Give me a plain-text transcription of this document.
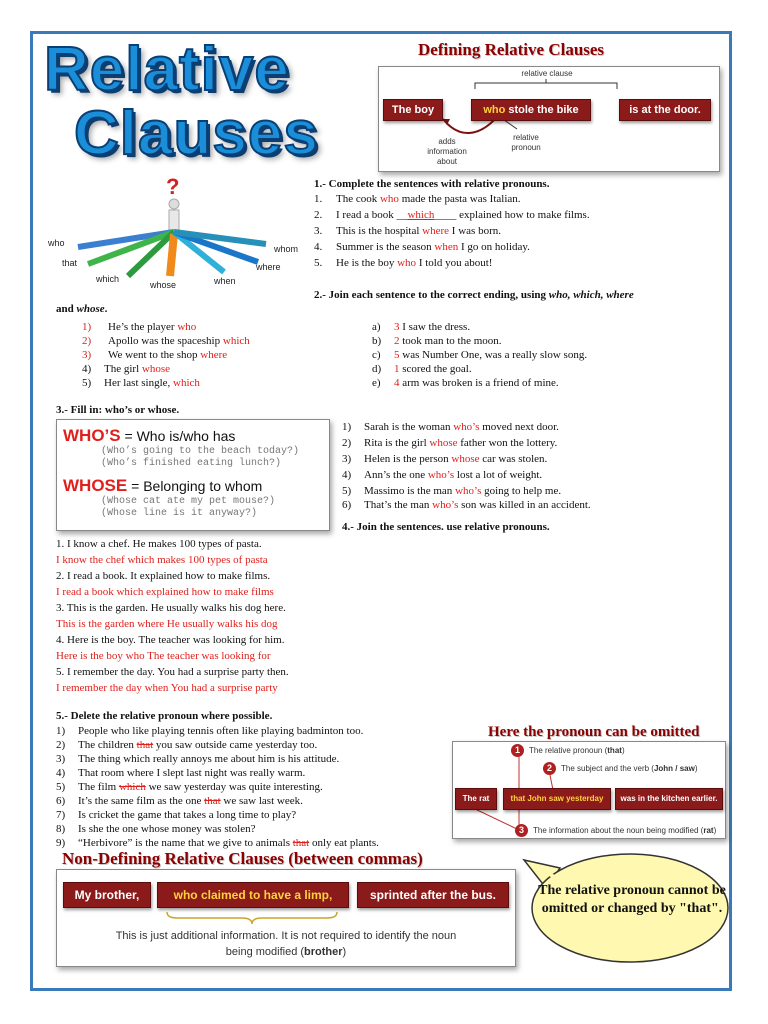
Relative
Clauses
Defining Relative Clauses
relative clause
The boy	who stole the bike	is at the door.
adds
information
about
relative
pronoun
?
who
that
which
whose	when
where
whom
1.- Complete the sentences with relative pronouns.
1. The cook who made the pasta was Italian.
2. I read a book __which____ explained how to make films.
3. This is the hospital where I was born.
4. Summer is the season when I go on holiday.
5. He is the boy who I told you about!
2.- Join each sentence to the correct ending, using who, which, where
and whose.
1) He’s the player who
2) Apollo was the spaceship which
3) We went to the shop where
4) The girl whose
5) Her last single, which
a) 3 I saw the dress.
b) 2 took man to the moon.
c) 5 was Number One, was a really slow song.
d) 1 scored the goal.
e) 4 arm was broken is a friend of mine.
3.- Fill in: who’s or whose.
WHO’S = Who is/who has
(Who’s going to the beach today?)
(Who’s finished eating lunch?)
WHOSE = Belonging to whom
(Whose cat ate my pet mouse?)
(Whose line is it anyway?)
1) Sarah is the woman who’s moved next door.
2) Rita is the girl whose father won the lottery.
3) Helen is the person whose car was stolen.
4) Ann’s the one who’s lost a lot of weight.
5) Massimo is the man who’s going to help me.
6) That’s the man who’s son was killed in an accident.
4.- Join the sentences. use relative pronouns.
1. I know a chef. He makes 100 types of pasta.
I know the chef which makes 100 types of pasta
2. I read a book. It explained how to make films.
I read a book which explained how to make films
3. This is the garden. He usually walks his dog here.
This is the garden where He usually walks his dog
4. Here is the boy. The teacher was looking for him.
Here is the boy who The teacher was looking for
5. I remember the day. You had a surprise party then.
I remember the day when You had a surprise party
5.- Delete the relative pronoun where possible.
1) People who like playing tennis often like playing badminton too.
2) The children that you saw outside came yesterday too.
3) The thing which really annoys me about him is his attitude.
4) That room where I slept last night was really warm.
5) The film which we saw yesterday was quite interesting.
6) It’s the same film as the one that we saw last week.
7) Is cricket the game that takes a long time to play?
8) Is she the one whose money was stolen?
9) “Herbivore” is the name that we give to animals that only eat plants.
Here the pronoun can be omitted
1	The relative pronoun (that)
2	The subject and the verb (John / saw)
The rat	that John saw yesterday	was in the kitchen earlier.
3	The information about the noun being modified (rat)
Non-Defining Relative Clauses (between commas)
My brother,	who claimed to have a limp,	sprinted after the bus.
This is just additional information. It is not required to identify the noun
being modified (brother)
The relative pronoun cannot be
omitted or changed by "that".
